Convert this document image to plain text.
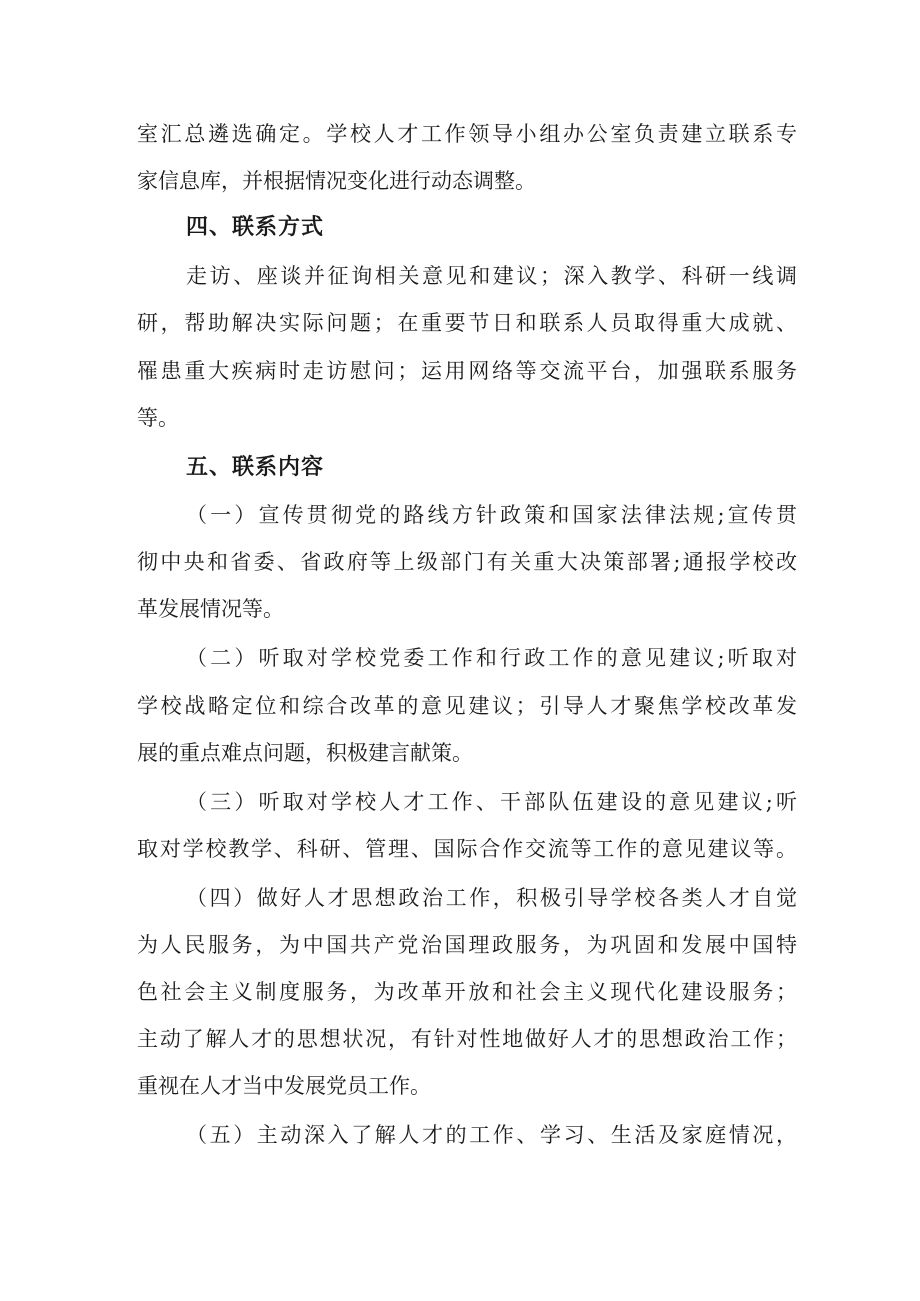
室汇总遴选确定。学校人才工作领导小组办公室负责建立联系专
家信息库，并根据情况变化进行动态调整。
四、联系方式
走访、座谈并征询相关意见和建议；深入教学、科研一线调
研，帮助解决实际问题；在重要节日和联系人员取得重大成就、
罹患重大疾病时走访慰问；运用网络等交流平台，加强联系服务
等。
五、联系内容
（一）宣传贯彻党的路线方针政策和国家法律法规;宣传贯
彻中央和省委、省政府等上级部门有关重大决策部署;通报学校改
革发展情况等。
（二）听取对学校党委工作和行政工作的意见建议;听取对
学校战略定位和综合改革的意见建议；引导人才聚焦学校改革发
展的重点难点问题，积极建言献策。
（三）听取对学校人才工作、干部队伍建设的意见建议;听
取对学校教学、科研、管理、国际合作交流等工作的意见建议等。
（四）做好人才思想政治工作，积极引导学校各类人才自觉
为人民服务，为中国共产党治国理政服务，为巩固和发展中国特
色社会主义制度服务，为改革开放和社会主义现代化建设服务；
主动了解人才的思想状况，有针对性地做好人才的思想政治工作；
重视在人才当中发展党员工作。
（五）主动深入了解人才的工作、学习、生活及家庭情况，
